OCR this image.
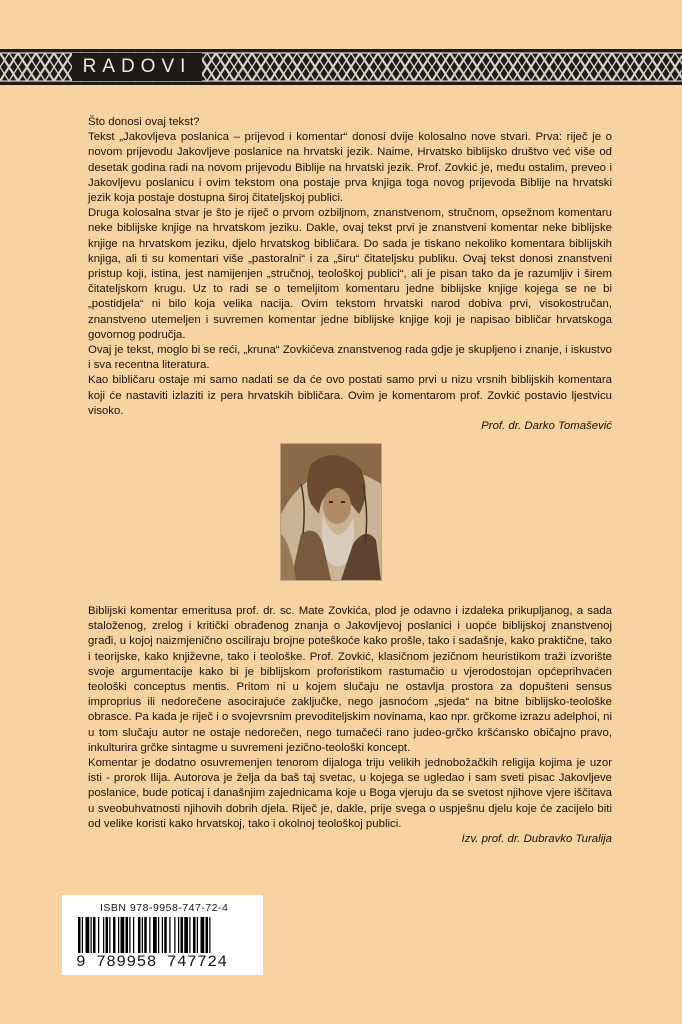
RADOVI

Što donosi ovaj tekst?

Tekst „Jakovljeva poslanica – prijevod i komentar“ donosi dvije kolosalno nove stvari. Prva: riječ je o novom prijevodu Jakovljeve poslanice na hrvatski jezik. Naime, Hrvatsko biblijsko društvo već više od desetak godina radi na novom prijevodu Biblije na hrvatski jezik. Prof. Zovkić je, među ostalim, preveo i Jakovljevu poslanicu i ovim tekstom ona postaje prva knjiga toga novog prijevoda Biblije na hrvatski jezik koja postaje dostupna široj čitateljskoj publici.

Druga kolosalna stvar je što je riječ o prvom ozbiljnom, znanstvenom, stručnom, opsežnom komentaru neke biblijske knjige na hrvatskom jeziku. Dakle, ovaj tekst prvi je znanstveni komentar neke biblijske knjige na hrvatskom jeziku, djelo hrvatskog bibličara. Do sada je tiskano nekoliko komentara biblijskih knjiga, ali ti su komentari više „pastoralni“ i za „širu“ čitateljsku publiku. Ovaj tekst donosi znanstveni pristup koji, istina, jest namijenjen „stručnoj, teološkoj publici“, ali je pisan tako da je razumljiv i širem čitateljskom krugu. Uz to radi se o temeljitom komentaru jedne biblijske knjige kojega se ne bi „postidjela“ ni bilo koja velika nacija. Ovim tekstom hrvatski narod dobiva prvi, visokostručan, znanstveno utemeljen i suvremen komentar jedne biblijske knjige koji je napisao bibličar hrvatskoga govornog područja.

Ovaj je tekst, moglo bi se reći, „kruna“ Zovkićeva znanstvenog rada gdje je skupljeno i znanje, i iskustvo i sva recentna literatura.

Kao bibličaru ostaje mi samo nadati se da će ovo postati samo prvi u nizu vrsnih biblijskih komentara koji će nastaviti izlaziti iz pera hrvatskih bibličara. Ovim je komentarom prof. Zovkić postavio ljestvicu visoko.

Prof. dr. Darko Tomašević

Biblijski komentar emeritusa prof. dr. sc. Mate Zovkića, plod je odavno i izdaleka prikupljanog, a sada staloženog, zrelog i kritički obrađenog znanja o Jakovljevoj poslanici i uopće biblijskoj znanstvenoj građi, u kojoj naizmjenično osciliraju brojne poteškoće kako prošle, tako i sadašnje, kako praktične, tako i teorijske, kako književne, tako i teološke. Prof. Zovkić, klasičnom jezičnom heuristikom traži izvorište svoje argumentacije kako bi je biblijskom proforistikom rastumačio u vjerodostojan općeprihvaćen teološki conceptus mentis. Pritom ni u kojem slučaju ne ostavlja prostora za dopušteni sensus improprius ili nedorečene asocirajuće zaključke, nego jasnoćom „sjeda“ na bitne biblijsko-teološke obrasce. Pa kada je riječ i o svojevrsnim prevoditeljskim novinama, kao npr. grčkome izrazu adelphoi, ni u tom slučaju autor ne ostaje nedorečen, nego tumačeći rano judeo-grčko kršćansko običajno pravo, inkulturira grčke sintagme u suvremeni jezično-teološki koncept.

Komentar je dodatno osuvremenjen tenorom dijaloga triju velikih jednobožačkih religija kojima je uzor isti - prorok Ilija. Autorova je želja da baš taj svetac, u kojega se ugledao i sam sveti pisac Jakovljeve poslanice, bude poticaj i današnjim zajednicama koje u Boga vjeruju da se svetost njihove vjere iščitava u sveobuhvatnosti njihovih dobrih djela. Riječ je, dakle, prije svega o uspješnu djelu koje će zacijelo biti od velike koristi kako hrvatskoj, tako i okolnoj teološkoj publici.

Izv. prof. dr. Dubravko Turalija

ISBN 978-9958-747-72-4
9 789958 747724
